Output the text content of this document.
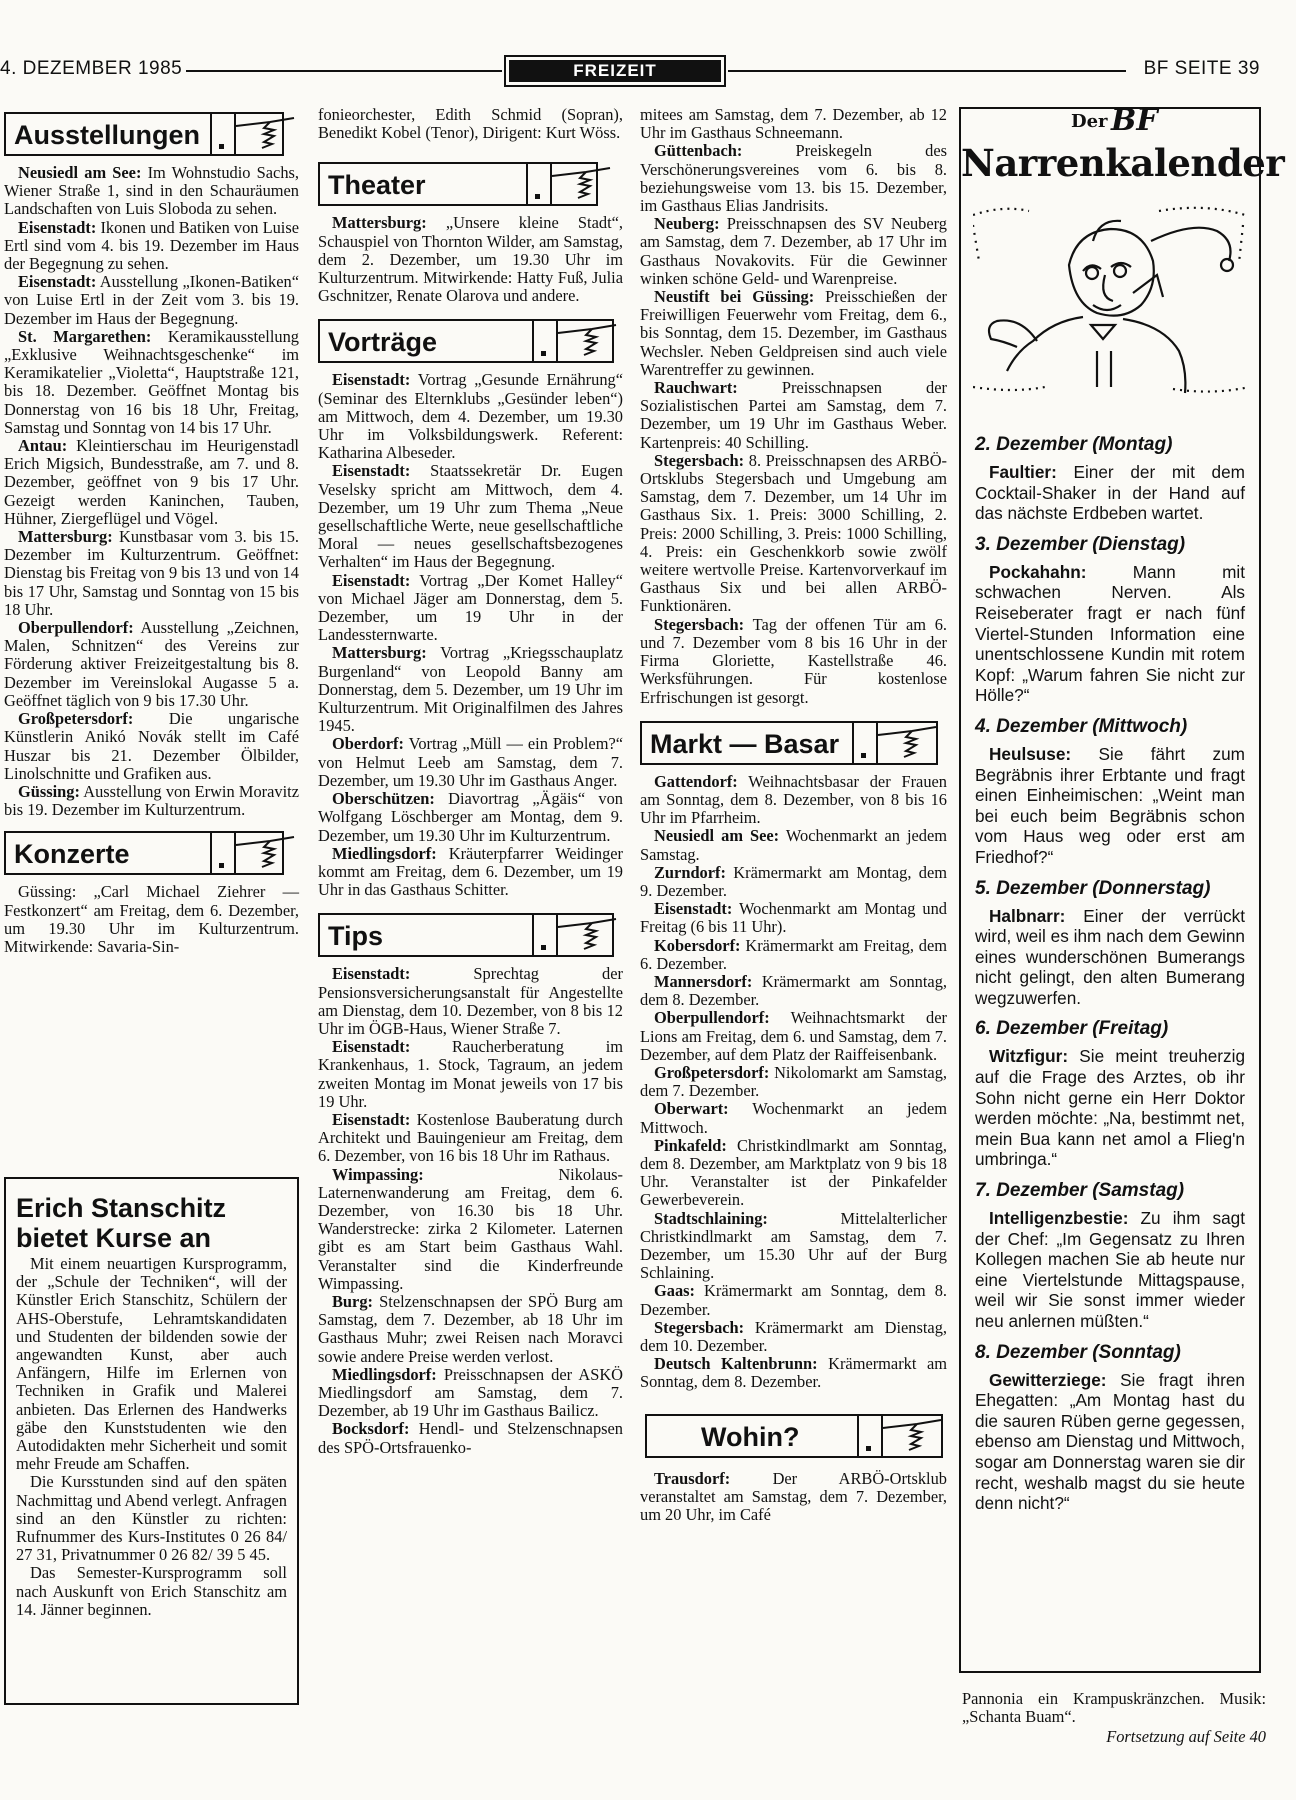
4. DEZEMBER 1985	FREIZEIT	BF SEITE 39
Ausstellungen

Neusiedl am See: Im Wohnstudio Sachs, Wiener Straße 1, sind in den Schauräumen Landschaften von Luis Sloboda zu sehen.

Eisenstadt: Ikonen und Batiken von Luise Ertl sind vom 4. bis 19. Dezember im Haus der Begegnung zu sehen.

Eisenstadt: Ausstellung „Ikonen-Batiken“ von Luise Ertl in der Zeit vom 3. bis 19. Dezember im Haus der Begegnung.

St. Margarethen: Keramikausstellung „Exklusive Weihnachtsgeschenke“ im Keramikatelier „Violetta“, Hauptstraße 121, bis 18. Dezember. Geöffnet Montag bis Donnerstag von 16 bis 18 Uhr, Freitag, Samstag und Sonntag von 14 bis 17 Uhr.

Antau: Kleintierschau im Heurigenstadl Erich Migsich, Bundesstraße, am 7. und 8. Dezember, geöffnet von 9 bis 17 Uhr. Gezeigt werden Kaninchen, Tauben, Hühner, Ziergeflügel und Vögel.

Mattersburg: Kunstbasar vom 3. bis 15. Dezember im Kulturzentrum. Geöffnet: Dienstag bis Freitag von 9 bis 13 und von 14 bis 17 Uhr, Samstag und Sonntag von 15 bis 18 Uhr.

Oberpullendorf: Ausstellung „Zeichnen, Malen, Schnitzen“ des Vereins zur Förderung aktiver Freizeitgestaltung bis 8. Dezember im Vereinslokal Augasse 5 a. Geöffnet täglich von 9 bis 17.30 Uhr.

Großpetersdorf: Die ungarische Künstlerin Anikó Novák stellt im Café Huszar bis 21. Dezember Ölbilder, Linolschnitte und Grafiken aus.

Güssing: Ausstellung von Erwin Moravitz bis 19. Dezember im Kulturzentrum.

Konzerte

Güssing: „Carl Michael Ziehrer — Festkonzert“ am Freitag, dem 6. Dezember, um 19.30 Uhr im Kulturzentrum. Mitwirkende: Savaria-Sin-

Erich Stanschitz bietet Kurse an

Mit einem neuartigen Kursprogramm, der „Schule der Techniken“, will der Künstler Erich Stanschitz, Schülern der AHS-Oberstufe, Lehramtskandidaten und Studenten der bildenden sowie der angewandten Kunst, aber auch Anfängern, Hilfe im Erlernen von Techniken in Grafik und Malerei anbieten. Das Erlernen des Handwerks gäbe den Kunststudenten wie den Autodidakten mehr Sicherheit und somit mehr Freude am Schaffen.

Die Kursstunden sind auf den späten Nachmittag und Abend verlegt. Anfragen sind an den Künstler zu richten: Rufnummer des Kurs-Institutes 0 26 84/ 27 31, Privatnummer 0 26 82/ 39 5 45.

Das Semester-Kursprogramm soll nach Auskunft von Erich Stanschitz am 14. Jänner beginnen.

fonieorchester, Edith Schmid (Sopran), Benedikt Kobel (Tenor), Dirigent: Kurt Wöss.

Theater

Mattersburg: „Unsere kleine Stadt“, Schauspiel von Thornton Wilder, am Samstag, dem 2. Dezember, um 19.30 Uhr im Kulturzentrum. Mitwirkende: Hatty Fuß, Julia Gschnitzer, Renate Olarova und andere.

Vorträge

Eisenstadt: Vortrag „Gesunde Ernährung“ (Seminar des Elternklubs „Gesünder leben“) am Mittwoch, dem 4. Dezember, um 19.30 Uhr im Volksbildungswerk. Referent: Katharina Albeseder.

Eisenstadt: Staatssekretär Dr. Eugen Veselsky spricht am Mittwoch, dem 4. Dezember, um 19 Uhr zum Thema „Neue gesellschaftliche Werte, neue gesellschaftliche Moral — neues gesellschaftsbezogenes Verhalten“ im Haus der Begegnung.

Eisenstadt: Vortrag „Der Komet Halley“ von Michael Jäger am Donnerstag, dem 5. Dezember, um 19 Uhr in der Landessternwarte.

Mattersburg: Vortrag „Kriegsschauplatz Burgenland“ von Leopold Banny am Donnerstag, dem 5. Dezember, um 19 Uhr im Kulturzentrum. Mit Originalfilmen des Jahres 1945.

Oberdorf: Vortrag „Müll — ein Problem?“ von Helmut Leeb am Samstag, dem 7. Dezember, um 19.30 Uhr im Gasthaus Anger.

Oberschützen: Diavortrag „Ägäis“ von Wolfgang Löschberger am Montag, dem 9. Dezember, um 19.30 Uhr im Kulturzentrum.

Miedlingsdorf: Kräuterpfarrer Weidinger kommt am Freitag, dem 6. Dezember, um 19 Uhr in das Gasthaus Schitter.

Tips

Eisenstadt: Sprechtag der Pensionsversicherungsanstalt für Angestellte am Dienstag, dem 10. Dezember, von 8 bis 12 Uhr im ÖGB-Haus, Wiener Straße 7.

Eisenstadt: Raucherberatung im Krankenhaus, 1. Stock, Tagraum, an jedem zweiten Montag im Monat jeweils von 17 bis 19 Uhr.

Eisenstadt: Kostenlose Bauberatung durch Architekt und Bauingenieur am Freitag, dem 6. Dezember, von 16 bis 18 Uhr im Rathaus.

Wimpassing: Nikolaus-Laternenwanderung am Freitag, dem 6. Dezember, von 16.30 bis 18 Uhr. Wanderstrecke: zirka 2 Kilometer. Laternen gibt es am Start beim Gasthaus Wahl. Veranstalter sind die Kinderfreunde Wimpassing.

Burg: Stelzenschnapsen der SPÖ Burg am Samstag, dem 7. Dezember, ab 18 Uhr im Gasthaus Muhr; zwei Reisen nach Moravci sowie andere Preise werden verlost.

Miedlingsdorf: Preisschnapsen der ASKÖ Miedlingsdorf am Samstag, dem 7. Dezember, ab 19 Uhr im Gasthaus Bailicz.

Bocksdorf: Hendl- und Stelzenschnapsen des SPÖ-Ortsfrauenko-

mitees am Samstag, dem 7. Dezember, ab 12 Uhr im Gasthaus Schneemann.

Güttenbach: Preiskegeln des Verschönerungsvereines vom 6. bis 8. beziehungsweise vom 13. bis 15. Dezember, im Gasthaus Elias Jandrisits.

Neuberg: Preisschnapsen des SV Neuberg am Samstag, dem 7. Dezember, ab 17 Uhr im Gasthaus Novakovits. Für die Gewinner winken schöne Geld- und Warenpreise.

Neustift bei Güssing: Preisschießen der Freiwilligen Feuerwehr vom Freitag, dem 6., bis Sonntag, dem 15. Dezember, im Gasthaus Wechsler. Neben Geldpreisen sind auch viele Warentreffer zu gewinnen.

Rauchwart: Preisschnapsen der Sozialistischen Partei am Samstag, dem 7. Dezember, um 19 Uhr im Gasthaus Weber. Kartenpreis: 40 Schilling.

Stegersbach: 8. Preisschnapsen des ARBÖ-Ortsklubs Stegersbach und Umgebung am Samstag, dem 7. Dezember, um 14 Uhr im Gasthaus Six. 1. Preis: 3000 Schilling, 2. Preis: 2000 Schilling, 3. Preis: 1000 Schilling, 4. Preis: ein Geschenkkorb sowie zwölf weitere wertvolle Preise. Kartenvorverkauf im Gasthaus Six und bei allen ARBÖ-Funktionären.

Stegersbach: Tag der offenen Tür am 6. und 7. Dezember vom 8 bis 16 Uhr in der Firma Gloriette, Kastellstraße 46. Werksführungen. Für kostenlose Erfrischungen ist gesorgt.

Markt — Basar

Gattendorf: Weihnachtsbasar der Frauen am Sonntag, dem 8. Dezember, von 8 bis 16 Uhr im Pfarrheim.

Neusiedl am See: Wochenmarkt an jedem Samstag.

Zurndorf: Krämermarkt am Montag, dem 9. Dezember.

Eisenstadt: Wochenmarkt am Montag und Freitag (6 bis 11 Uhr).

Kobersdorf: Krämermarkt am Freitag, dem 6. Dezember.

Mannersdorf: Krämermarkt am Sonntag, dem 8. Dezember.

Oberpullendorf: Weihnachtsmarkt der Lions am Freitag, dem 6. und Samstag, dem 7. Dezember, auf dem Platz der Raiffeisenbank.

Großpetersdorf: Nikolomarkt am Samstag, dem 7. Dezember.

Oberwart: Wochenmarkt an jedem Mittwoch.

Pinkafeld: Christkindlmarkt am Sonntag, dem 8. Dezember, am Marktplatz von 9 bis 18 Uhr. Veranstalter ist der Pinkafelder Gewerbeverein.

Stadtschlaining: Mittelalterlicher Christkindlmarkt am Samstag, dem 7. Dezember, um 15.30 Uhr auf der Burg Schlaining.

Gaas: Krämermarkt am Sonntag, dem 8. Dezember.

Stegersbach: Krämermarkt am Dienstag, dem 10. Dezember.

Deutsch Kaltenbrunn: Krämermarkt am Sonntag, dem 8. Dezember.

Wohin?

Trausdorf: Der ARBÖ-Ortsklub veranstaltet am Samstag, dem 7. Dezember, um 20 Uhr, im Café

Der BF
Narrenkalender
2. Dezember (Montag)

Faultier: Einer der mit dem Cocktail-Shaker in der Hand auf das nächste Erdbeben wartet.

3. Dezember (Dienstag)

Pockahahn: Mann mit schwachen Nerven. Als Reiseberater fragt er nach fünf Viertel-Stunden Information eine unentschlossene Kundin mit rotem Kopf: „Warum fahren Sie nicht zur Hölle?“

4. Dezember (Mittwoch)

Heulsuse: Sie fährt zum Begräbnis ihrer Erbtante und fragt einen Einheimischen: „Weint man bei euch beim Begräbnis schon vom Haus weg oder erst am Friedhof?“

5. Dezember (Donnerstag)

Halbnarr: Einer der verrückt wird, weil es ihm nach dem Gewinn eines wunderschönen Bumerangs nicht gelingt, den alten Bumerang wegzuwerfen.

6. Dezember (Freitag)

Witzfigur: Sie meint treuherzig auf die Frage des Arztes, ob ihr Sohn nicht gerne ein Herr Doktor werden möchte: „Na, bestimmt net, mein Bua kann net amol a Flieg'n umbringa.“

7. Dezember (Samstag)

Intelligenzbestie: Zu ihm sagt der Chef: „Im Gegensatz zu Ihren Kollegen machen Sie ab heute nur eine Viertelstunde Mittagspause, weil wir Sie sonst immer wieder neu anlernen müßten.“

8. Dezember (Sonntag)

Gewitterziege: Sie fragt ihren Ehegatten: „Am Montag hast du die sauren Rüben gerne gegessen, ebenso am Dienstag und Mittwoch, sogar am Donnerstag waren sie dir recht, weshalb magst du sie heute denn nicht?“

Pannonia ein Krampuskränzchen. Musik: „Schanta Buam“.

Fortsetzung auf Seite 40
